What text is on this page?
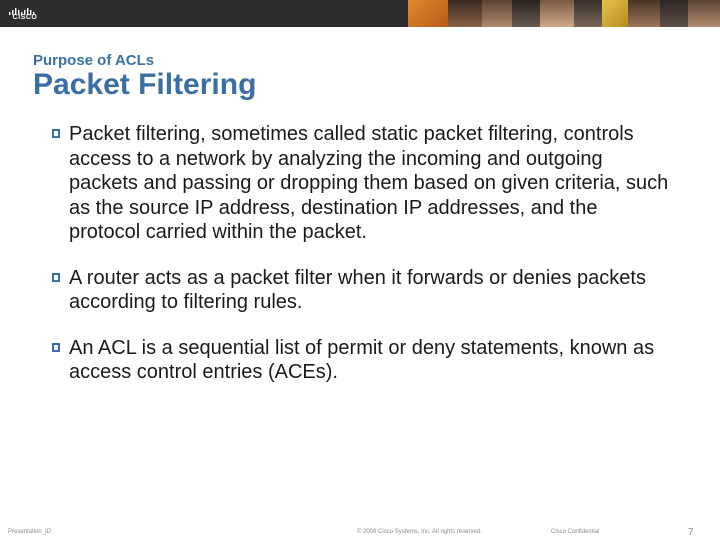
CISCO
Purpose of ACLs
Packet Filtering
Packet filtering, sometimes called static packet filtering, controls access to a network by analyzing the incoming and outgoing packets and passing or dropping them based on given criteria, such as the source IP address, destination IP addresses, and the protocol carried within the packet.
A router acts as a packet filter when it forwards or denies packets according to filtering rules.
An ACL is a sequential list of permit or deny statements, known as access control entries (ACEs).
Presentation_ID	© 2008 Cisco Systems, Inc. All rights reserved.	Cisco Confidential	7
